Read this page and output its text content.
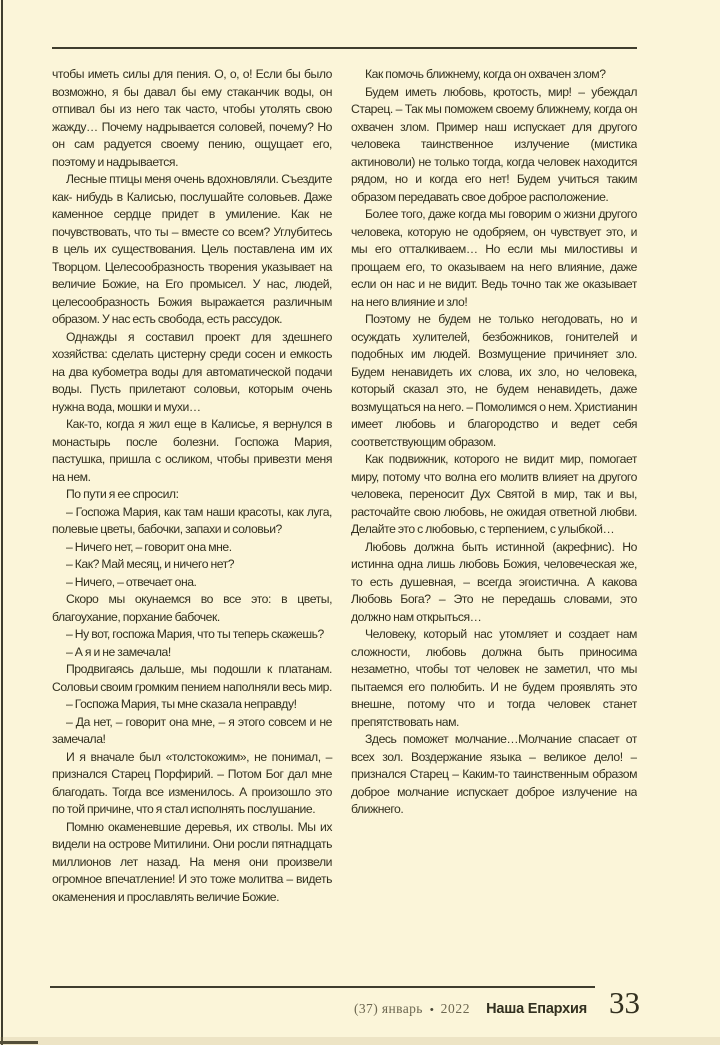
чтобы иметь силы для пения. О, о, о! Если бы было возможно, я бы давал бы ему стаканчик воды, он отпивал бы из него так часто, чтобы утолять свою жажду… Почему надрывается соловей, почему? Но он сам радуется своему пению, ощущает его, поэтому и надрывается.

Лесные птицы меня очень вдохновляли. Съездите как- нибудь в Калисью, послушайте соловьев. Даже каменное сердце придет в умиление. Как не почувствовать, что ты – вместе со всем? Углубитесь в цель их существования. Цель поставлена им их Творцом. Целесообразность творения указывает на величие Божие, на Его промысел. У нас, людей, целесообразность Божия выражается различным образом. У нас есть свобода, есть рассудок.

Однажды я составил проект для здешнего хозяйства: сделать цистерну среди сосен и емкость на два кубометра воды для автоматической подачи воды. Пусть прилетают соловьи, которым очень нужна вода, мошки и мухи…

Как-то, когда я жил еще в Калисье, я вернулся в монастырь после болезни. Госпожа Мария, пастушка, пришла с осликом, чтобы привезти меня на нем.

По пути я ее спросил:

– Госпожа Мария, как там наши красоты, как луга, полевые цветы, бабочки, запахи и соловьи?

– Ничего нет, – говорит она мне.

– Как? Май месяц, и ничего нет?

– Ничего, – отвечает она.

Скоро мы окунаемся во все это: в цветы, благоухание, порхание бабочек.

– Ну вот, госпожа Мария, что ты теперь скажешь?

– А я и не замечала!

Продвигаясь дальше, мы подошли к платанам. Соловьи своим громким пением наполняли весь мир.

– Госпожа Мария, ты мне сказала неправду!

– Да нет, – говорит она мне, – я этого совсем и не замечала!

И я вначале был «толстокожим», не понимал, – признался Старец Порфирий. – Потом Бог дал мне благодать. Тогда все изменилось. А произошло это по той причине, что я стал исполнять послушание.

Помню окаменевшие деревья, их стволы. Мы их видели на острове Митилини. Они росли пятнадцать миллионов лет назад. На меня они произвели огромное впечатление! И это тоже молитва – видеть окаменения и прославлять величие Божие.

Как помочь ближнему, когда он охвачен злом?

Будем иметь любовь, кротость, мир! – убеждал Старец. – Так мы поможем своему ближнему, когда он охвачен злом. Пример наш испускает для другого человека таинственное излучение (мистика актиноволи) не только тогда, когда человек находится рядом, но и когда его нет! Будем учиться таким образом передавать свое доброе расположение.

Более того, даже когда мы говорим о жизни другого человека, которую не одобряем, он чувствует это, и мы его отталкиваем… Но если мы милостивы и прощаем его, то оказываем на него влияние, даже если он нас и не видит. Ведь точно так же оказывает на него влияние и зло!

Поэтому не будем не только негодовать, но и осуждать хулителей, безбожников, гонителей и подобных им людей. Возмущение причиняет зло. Будем ненавидеть их слова, их зло, но человека, который сказал это, не будем ненавидеть, даже возмущаться на него. – Помолимся о нем. Христианин имеет любовь и благородство и ведет себя соответствующим образом.

Как подвижник, которого не видит мир, помогает миру, потому что волна его молитв влияет на другого человека, переносит Дух Святой в мир, так и вы, расточайте свою любовь, не ожидая ответной любви. Делайте это с любовью, с терпением, с улыбкой…

Любовь должна быть истинной (акрефнис). Но истинна одна лишь любовь Божия, человеческая же, то есть душевная, – всегда эгоистична. А какова Любовь Бога? – Это не передашь словами, это должно нам открыться…

Человеку, который нас утомляет и создает нам сложности, любовь должна быть приносима незаметно, чтобы тот человек не заметил, что мы пытаемся его полюбить. И не будем проявлять это внешне, потому что и тогда человек станет препятствовать нам.

Здесь поможет молчание…Молчание спасает от всех зол. Воздержание языка – великое дело! – признался Старец – Каким-то таинственным образом доброе молчание испускает доброе излучение на ближнего.

(37) январь • 2022 Наша Епархия 33
